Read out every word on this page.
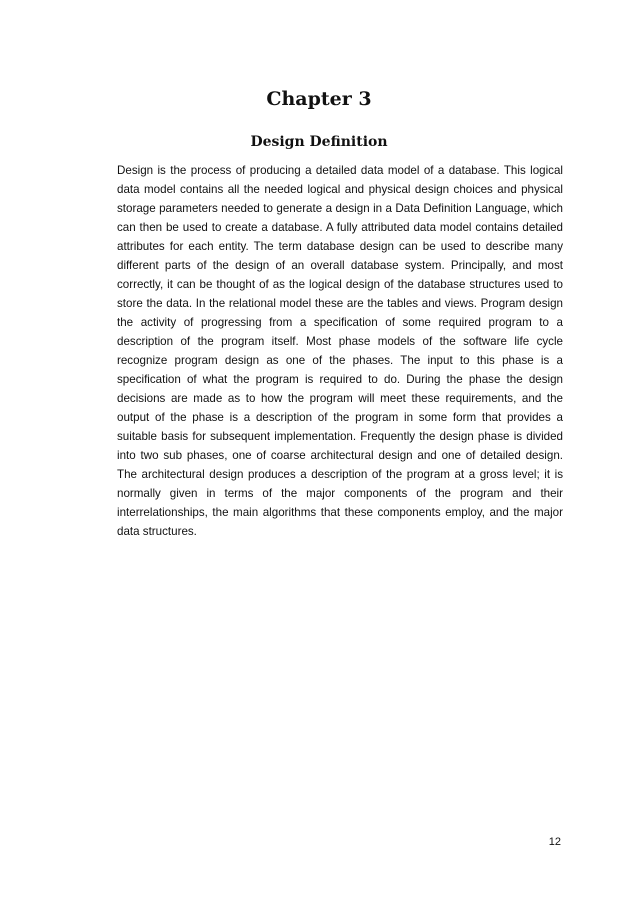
Chapter 3
Design Definition

Design is the process of producing a detailed data model of a database. This logical data model contains all the needed logical and physical design choices and physical storage parameters needed to generate a design in a Data Definition Language, which can then be used to create a database. A fully attributed data model contains detailed attributes for each entity. The term database design can be used to describe many different parts of the design of an overall database system. Principally, and most correctly, it can be thought of as the logical design of the database structures used to store the data. In the relational model these are the tables and views. Program design the activity of progressing from a specification of some required program to a description of the program itself. Most phase models of the software life cycle recognize program design as one of the phases. The input to this phase is a specification of what the program is required to do. During the phase the design decisions are made as to how the program will meet these requirements, and the output of the phase is a description of the program in some form that provides a suitable basis for subsequent implementation. Frequently the design phase is divided into two sub phases, one of coarse architectural design and one of detailed design. The architectural design produces a description of the program at a gross level; it is normally given in terms of the major components of the program and their interrelationships, the main algorithms that these components employ, and the major data structures.

12
